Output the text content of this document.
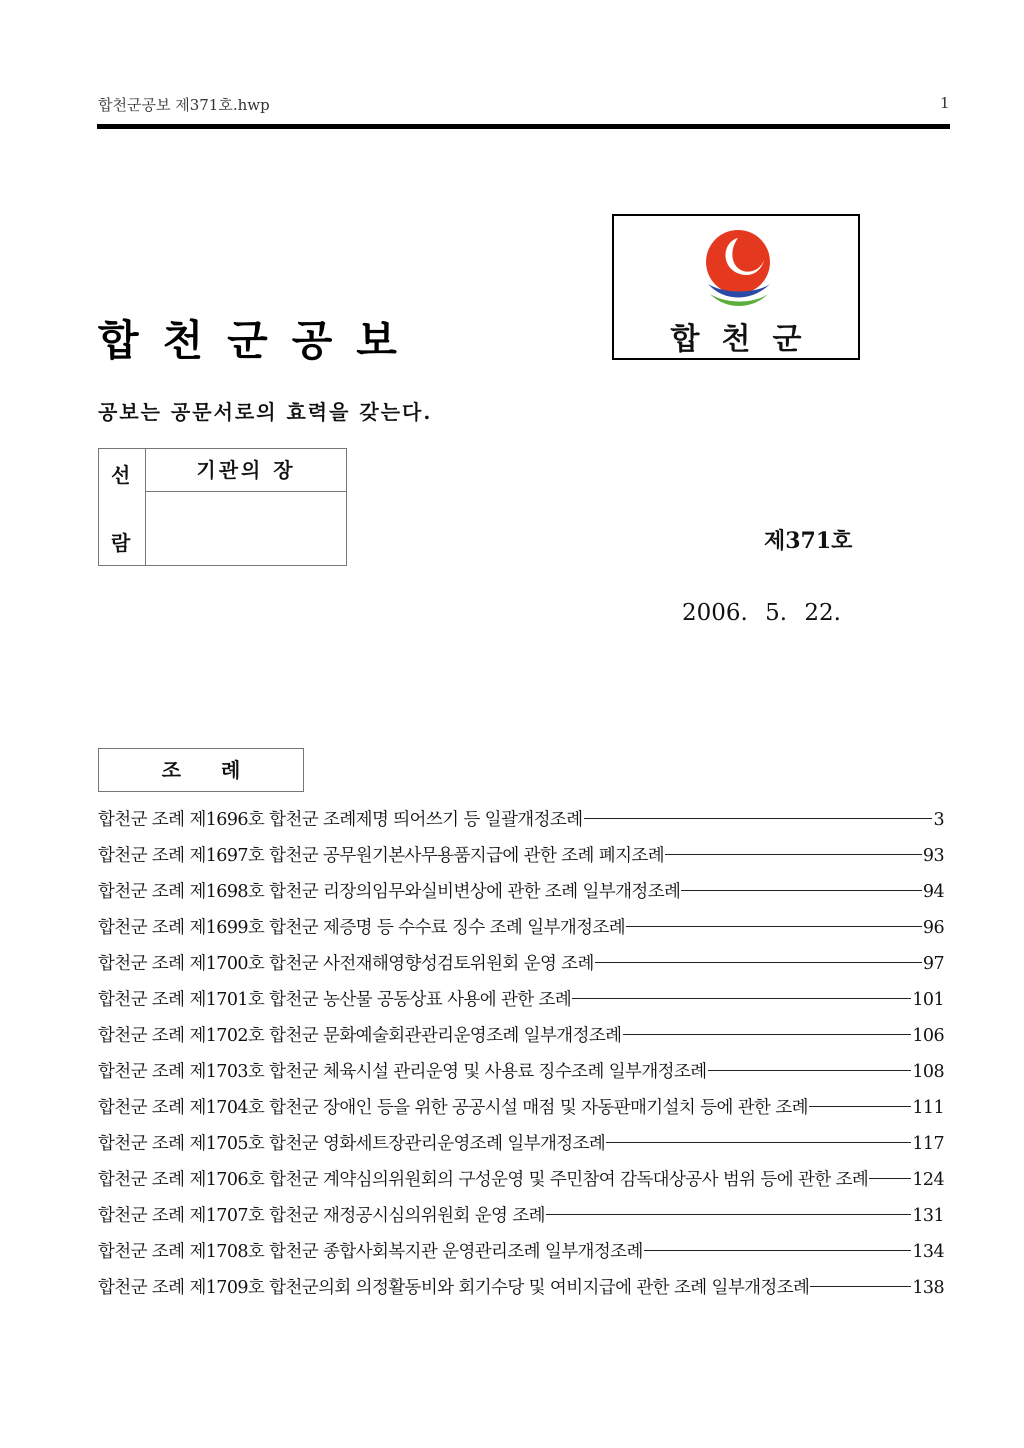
합천군공보 제371호.hwp	1
합천군공보	합천군
공보는 공문서로의 효력을 갖는다.
선
람
기관의 장
제371호
2006. 5. 22.
조례
합천군 조례 제1696호 합천군 조례제명 띄어쓰기 등 일괄개정조례	3
합천군 조례 제1697호 합천군 공무원기본사무용품지급에 관한 조례 폐지조례	93
합천군 조례 제1698호 합천군 리장의임무와실비변상에 관한 조례 일부개정조례	94
합천군 조례 제1699호 합천군 제증명 등 수수료 징수 조례 일부개정조례	96
합천군 조례 제1700호 합천군 사전재해영향성검토위원회 운영 조례	97
합천군 조례 제1701호 합천군 농산물 공동상표 사용에 관한 조례	101
합천군 조례 제1702호 합천군 문화예술회관관리운영조례 일부개정조례	106
합천군 조례 제1703호 합천군 체육시설 관리운영 및 사용료 징수조례 일부개정조례	108
합천군 조례 제1704호 합천군 장애인 등을 위한 공공시설 매점 및 자동판매기설치 등에 관한 조례	111
합천군 조례 제1705호 합천군 영화세트장관리운영조례 일부개정조례	117
합천군 조례 제1706호 합천군 계약심의위원회의 구성운영 및 주민참여 감독대상공사 범위 등에 관한 조례	124
합천군 조례 제1707호 합천군 재정공시심의위원회 운영 조례	131
합천군 조례 제1708호 합천군 종합사회복지관 운영관리조례 일부개정조례	134
합천군 조례 제1709호 합천군의회 의정활동비와 회기수당 및 여비지급에 관한 조례 일부개정조례	138
